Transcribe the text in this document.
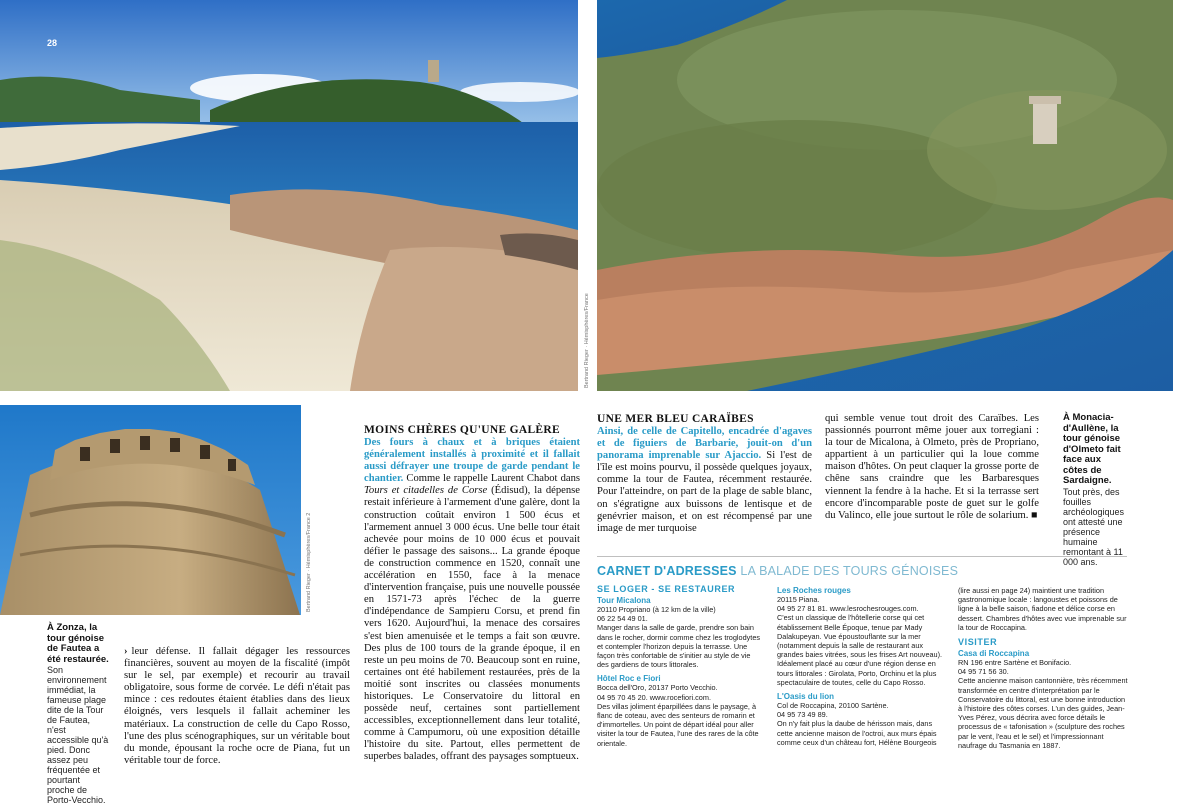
28
Bertrand Rieger · Hémisphères/France
Bertrand Rieger · Hémisphères/France 2
À Zonza, la tour génoise de Fautea a été restaurée.
Son environnement immédiat, la fameuse plage dite de la Tour de Fautea, n'est accessible qu'à pied. Donc assez peu fréquentée et pourtant proche de Porto-Vecchio.

› leur défense. Il fallait dégager les ressources financières, souvent au moyen de la fiscalité (impôt sur le sel, par exemple) et recourir au travail obligatoire, sous forme de corvée. Le défi n'était pas mince : ces redoutes étaient établies dans des lieux éloignés, vers lesquels il fallait acheminer les matériaux. La construction de celle du Capo Rosso, l'une des plus scénographiques, sur un véritable bout du monde, épousant la roche ocre de Piana, fut un véritable tour de force.

MOINS CHÈRES QU'UNE GALÈRE

Des fours à chaux et à briques étaient généralement installés à proximité et il fallait aussi défrayer une troupe de garde pendant le chantier. Comme le rappelle Laurent Chabot dans Tours et citadelles de Corse (Édisud), la dépense restait inférieure à l'armement d'une galère, dont la construction coûtait environ 1 500 écus et l'armement annuel 3 000 écus. Une belle tour était achevée pour moins de 10 000 écus et pouvait défier le passage des saisons... La grande époque de construction commence en 1520, connaît une accélération en 1550, face à la menace d'intervention française, puis une nouvelle poussée en 1571-73 après l'échec de la guerre d'indépendance de Sampieru Corsu, et prend fin vers 1620. Aujourd'hui, la menace des corsaires s'est bien amenuisée et le temps a fait son œuvre. Des plus de 100 tours de la grande époque, il en reste un peu moins de 70. Beaucoup sont en ruine, certaines ont été habilement restaurées, près de la moitié sont inscrites ou classées monuments historiques. Le Conservatoire du littoral en possède neuf, certaines sont partiellement accessibles, exceptionnellement dans leur totalité, comme à Campumoru, où une exposition détaille l'histoire du site. Partout, elles permettent de superbes balades, offrant des paysages somptueux.

UNE MER BLEU CARAÏBES

Ainsi, de celle de Capitello, encadrée d'agaves et de figuiers de Barbarie, jouit-on d'un panorama imprenable sur Ajaccio. Si l'est de l'île est moins pourvu, il possède quelques joyaux, comme la tour de Fautea, récemment restaurée. Pour l'atteindre, on part de la plage de sable blanc, on s'égratigne aux buissons de lentisque et de genévrier maison, et on est récompensé par une image de mer turquoise

qui semble venue tout droit des Caraïbes. Les passionnés pourront même jouer aux torregiani : la tour de Micalona, à Olmeto, près de Propriano, appartient à un particulier qui la loue comme maison d'hôtes. On peut claquer la grosse porte de chêne sans craindre que les Barbaresques viennent la fendre à la hache. Et si la terrasse sert encore d'incomparable poste de guet sur le golfe du Valinco, elle joue surtout le rôle de solarium. ■

À Monacia-d'Aullène, la tour génoise d'Olmeto fait face aux côtes de Sardaigne.
Tout près, des fouilles archéologiques ont attesté une présence humaine remontant à 11 000 ans.
CARNET D'ADRESSES LA BALADE DES TOURS GÉNOISES
SE LOGER - SE RESTAURER

Tour Micalona

20110 Propriano (à 12 km de la ville)

06 22 54 49 01.

Manger dans la salle de garde, prendre son bain dans le rocher, dormir comme chez les troglodytes et contempler l'horizon depuis la terrasse. Une façon très confortable de s'initier au style de vie des gardiens de tours littorales.

Hôtel Roc e Fiori

Bocca dell'Oro, 20137 Porto Vecchio.

04 95 70 45 20. www.rocefiori.com.

Des villas joliment éparpillées dans le paysage, à flanc de coteau, avec des senteurs de romarin et d'immortelles. Un point de départ idéal pour aller visiter la tour de Fautea, l'une des rares de la côte orientale.

Les Roches rouges

20115 Piana.

04 95 27 81 81. www.lesrochesrouges.com.

C'est un classique de l'hôtellerie corse qui cet établissement Belle Époque, tenue par Mady Dalakupeyan. Vue époustouflante sur la mer (notamment depuis la salle de restaurant aux grandes baies vitrées, sous les frises Art nouveau). Idéalement placé au cœur d'une région dense en tours littorales : Girolata, Porto, Orchinu et la plus spectaculaire de toutes, celle du Capo Rosso.

L'Oasis du lion

Col de Roccapina, 20100 Sartène.

04 95 73 49 89.

On n'y fait plus la daube de hérisson mais, dans cette ancienne maison de l'octroi, aux murs épais comme ceux d'un château fort, Hélène Bourgeois

(lire aussi en page 24) maintient une tradition gastronomique locale : langoustes et poissons de ligne à la belle saison, fiadone et délice corse en dessert. Chambres d'hôtes avec vue imprenable sur la tour de Roccapina.

VISITER

Casa di Roccapina

RN 196 entre Sartène et Bonifacio.

04 95 71 56 30.

Cette ancienne maison cantonnière, très récemment transformée en centre d'interprétation par le Conservatoire du littoral, est une bonne introduction à l'histoire des côtes corses. L'un des guides, Jean-Yves Pérez, vous décrira avec force détails le processus de « tafonisation » (sculpture des roches par le vent, l'eau et le sel) et l'impressionnant naufrage du Tasmania en 1887.
